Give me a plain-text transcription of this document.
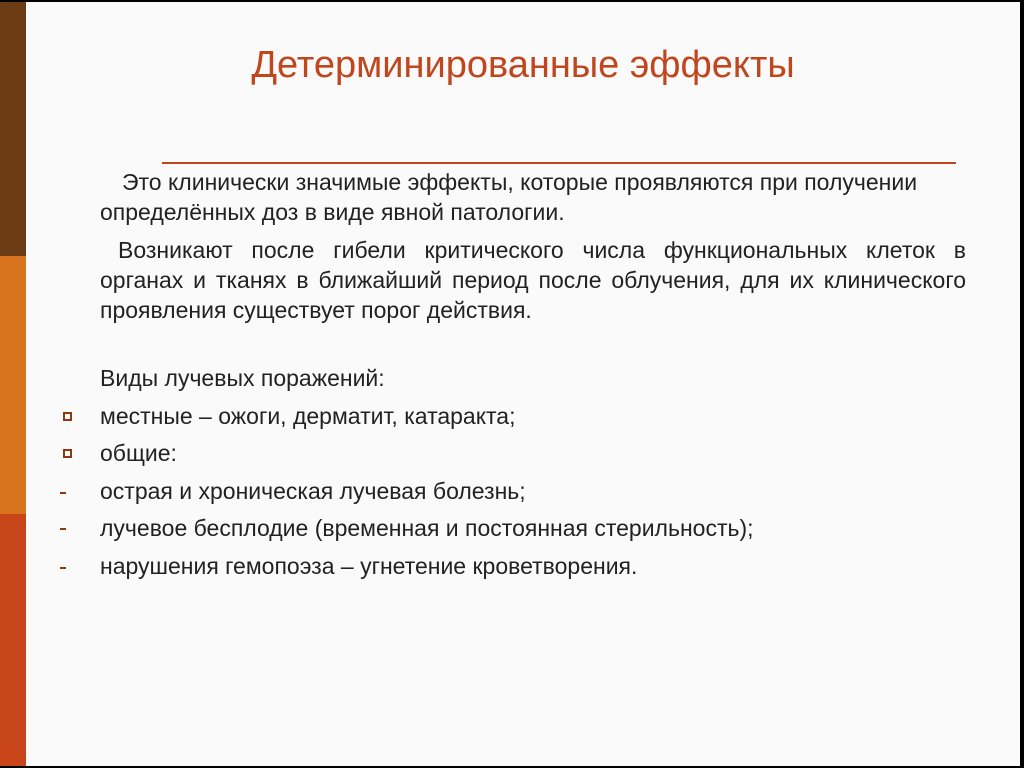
Детерминированные эффекты
Это клинически значимые эффекты, которые проявляются при получении определённых доз в виде явной патологии.
Возникают после гибели критического числа функциональных клеток в органах и тканях в ближайший период после облучения, для их клинического проявления существует порог действия.
Виды лучевых поражений:
местные – ожоги, дерматит, катаракта;
общие:
острая и хроническая лучевая болезнь;
лучевое бесплодие (временная и постоянная стерильность);
нарушения гемопоэза – угнетение кроветворения.
